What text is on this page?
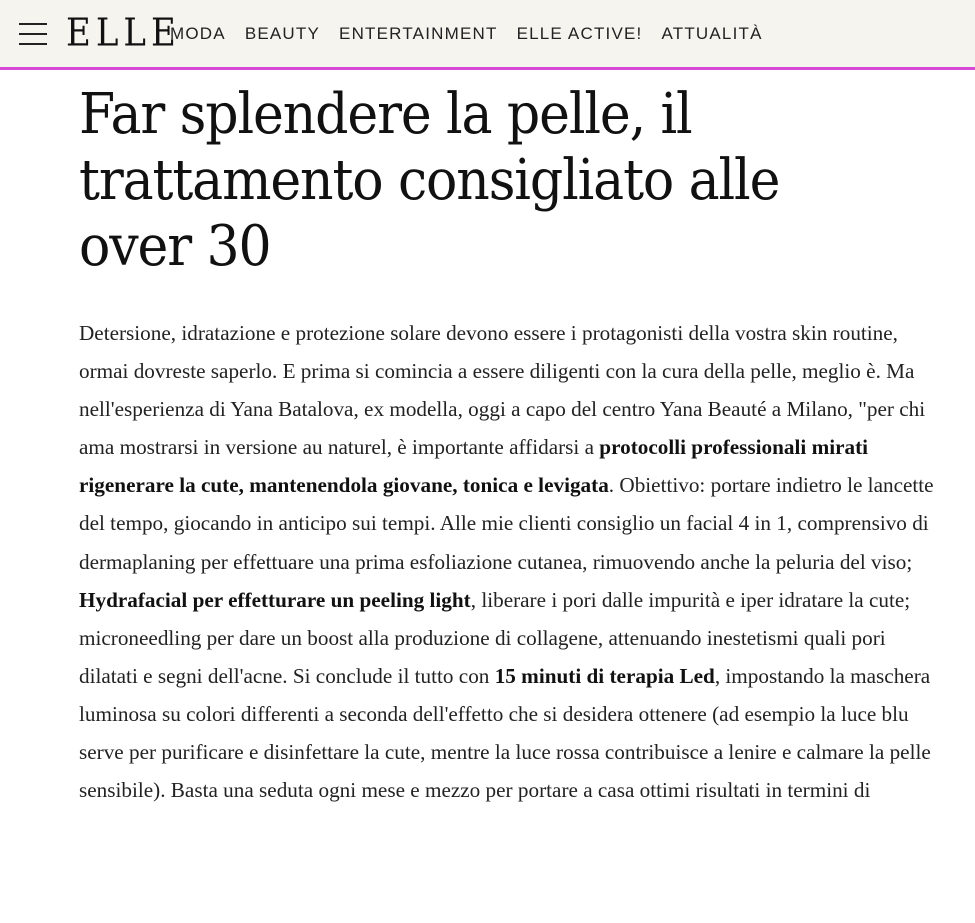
ELLE
MODA BEAUTY ENTERTAINMENT ELLE ACTIVE! ATTUALITÀ
Far splendere la pelle, il trattamento consigliato alle over 30

Detersione, idratazione e protezione solare devono essere i protagonisti della vostra skin routine, ormai dovreste saperlo. E prima si comincia a essere diligenti con la cura della pelle, meglio è. Ma nell'esperienza di Yana Batalova, ex modella, oggi a capo del centro Yana Beauté a Milano, "per chi ama mostrarsi in versione au naturel, è importante affidarsi a protocolli professionali mirati rigenerare la cute, mantenendola giovane, tonica e levigata. Obiettivo: portare indietro le lancette del tempo, giocando in anticipo sui tempi. Alle mie clienti consiglio un facial 4 in 1, comprensivo di dermaplaning per effettuare una prima esfoliazione cutanea, rimuovendo anche la peluria del viso; Hydrafacial per effetturare un peeling light, liberare i pori dalle impurità e iper idratare la cute; microneedling per dare un boost alla produzione di collagene, attenuando inestetismi quali pori dilatati e segni dell'acne. Si conclude il tutto con 15 minuti di terapia Led, impostando la maschera luminosa su colori differenti a seconda dell'effetto che si desidera ottenere (ad esempio la luce blu serve per purificare e disinfettare la cute, mentre la luce rossa contribuisce a lenire e calmare la pelle sensibile). Basta una seduta ogni mese e mezzo per portare a casa ottimi risultati in termini di
